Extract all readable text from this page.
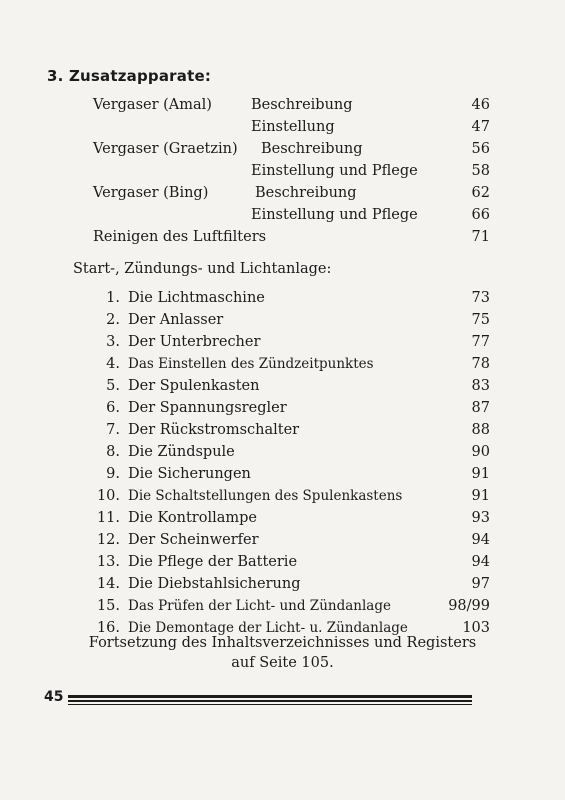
3. Zusatzapparate:
Vergaser (Amal)	Beschreibung	46
Einstellung	47
Vergaser (Graetzin) Beschreibung	56
Einstellung und Pflege	58
Vergaser (Bing)	Beschreibung	62
Einstellung und Pflege	66
Reinigen des Luftfilters	71
Start-, Zündungs- und Lichtanlage:
1. Die Lichtmaschine	73
2. Der Anlasser	75
3. Der Unterbrecher	77
4. Das Einstellen des Zündzeitpunktes	78
5. Der Spulenkasten	83
6. Der Spannungsregler	87
7. Der Rückstromschalter	88
8. Die Zündspule	90
9. Die Sicherungen	91
10. Die Schaltstellungen des Spulenkastens	91
11. Die Kontrollampe	93
12. Der Scheinwerfer	94
13. Die Pflege der Batterie	94
14. Die Diebstahlsicherung	97
15. Das Prüfen der Licht- und Zündanlage	98/99
16. Die Demontage der Licht- u. Zündanlage	103
Fortsetzung des Inhaltsverzeichnisses und Registers
auf Seite 105.
45
